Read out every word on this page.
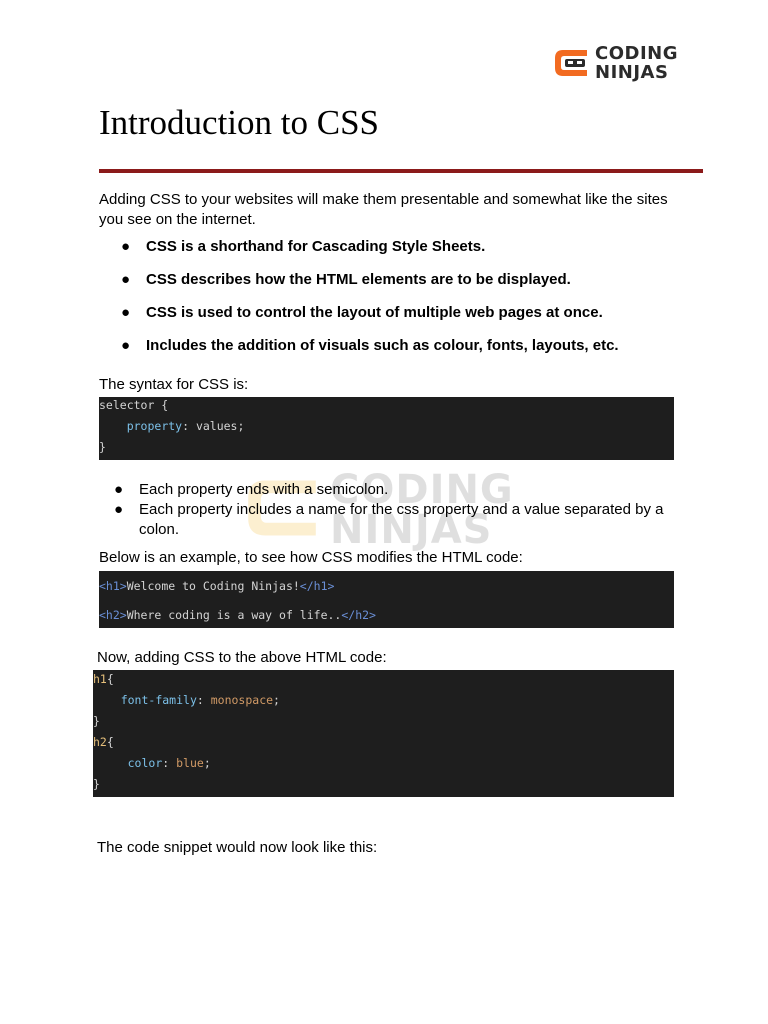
CODING
NINJAS
Introduction to CSS

Adding CSS to your websites will make them presentable and somewhat like the sites you see on the internet.

● CSS is a shorthand for Cascading Style Sheets.
● CSS describes how the HTML elements are to be displayed.
● CSS is used to control the layout of multiple web pages at once.
● Includes the addition of visuals such as colour, fonts, layouts, etc.

The syntax for CSS is:

selector {

property: values;

}

CODING
NINJAS
● Each property ends with a semicolon.
● Each property includes a name for the css property and a value separated by a colon.

Below is an example, to see how CSS modifies the HTML code:

<h1>Welcome to Coding Ninjas!</h1>

<h2>Where coding is a way of life..</h2>

Now, adding CSS to the above HTML code:

h1{

font-family: monospace;

}

h2{

color: blue;

}

The code snippet would now look like this:
